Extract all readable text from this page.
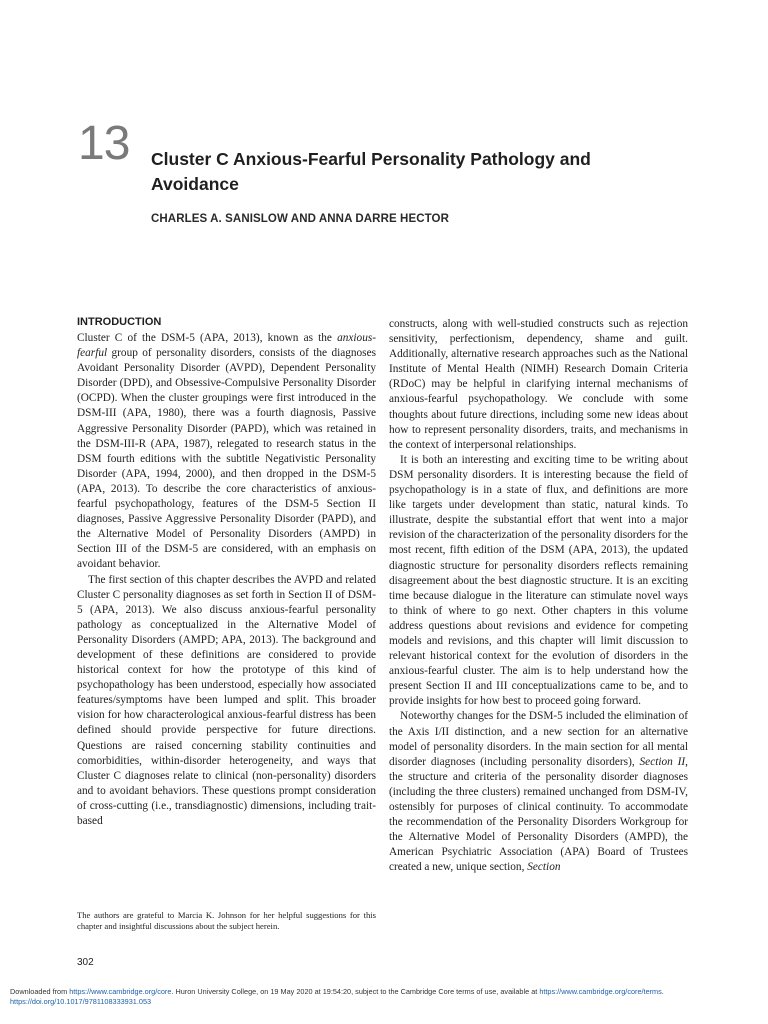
13 Cluster C Anxious-Fearful Personality Pathology and Avoidance
CHARLES A. SANISLOW AND ANNA DARRE HECTOR
INTRODUCTION

Cluster C of the DSM-5 (APA, 2013), known as the anxious-fearful group of personality disorders, consists of the diagnoses Avoidant Personality Disorder (AVPD), Dependent Personality Disorder (DPD), and Obsessive-Compulsive Personality Disorder (OCPD). When the cluster groupings were first introduced in the DSM-III (APA, 1980), there was a fourth diagnosis, Passive Aggressive Personality Disorder (PAPD), which was retained in the DSM-III-R (APA, 1987), relegated to research status in the DSM fourth editions with the subtitle Negativistic Personality Disorder (APA, 1994, 2000), and then dropped in the DSM-5 (APA, 2013). To describe the core characteristics of anxious-fearful psychopathology, features of the DSM-5 Section II diagnoses, Passive Aggressive Personality Disorder (PAPD), and the Alternative Model of Personality Disorders (AMPD) in Section III of the DSM-5 are considered, with an emphasis on avoidant behavior.

The first section of this chapter describes the AVPD and related Cluster C personality diagnoses as set forth in Section II of DSM-5 (APA, 2013). We also discuss anxious-fearful personality pathology as conceptualized in the Alternative Model of Personality Disorders (AMPD; APA, 2013). The background and development of these definitions are considered to provide historical context for how the prototype of this kind of psychopathology has been understood, especially how associated features/symptoms have been lumped and split. This broader vision for how characterological anxious-fearful distress has been defined should provide perspective for future directions. Questions are raised concerning stability continuities and comorbidities, within-disorder heterogeneity, and ways that Cluster C diagnoses relate to clinical (non-personality) disorders and to avoidant behaviors. These questions prompt consideration of cross-cutting (i.e., transdiagnostic) dimensions, including trait-based

constructs, along with well-studied constructs such as rejection sensitivity, perfectionism, dependency, shame and guilt. Additionally, alternative research approaches such as the National Institute of Mental Health (NIMH) Research Domain Criteria (RDoC) may be helpful in clarifying internal mechanisms of anxious-fearful psychopathology. We conclude with some thoughts about future directions, including some new ideas about how to represent personality disorders, traits, and mechanisms in the context of interpersonal relationships.

It is both an interesting and exciting time to be writing about DSM personality disorders. It is interesting because the field of psychopathology is in a state of flux, and definitions are more like targets under development than static, natural kinds. To illustrate, despite the substantial effort that went into a major revision of the characterization of the personality disorders for the most recent, fifth edition of the DSM (APA, 2013), the updated diagnostic structure for personality disorders reflects remaining disagreement about the best diagnostic structure. It is an exciting time because dialogue in the literature can stimulate novel ways to think of where to go next. Other chapters in this volume address questions about revisions and evidence for competing models and revisions, and this chapter will limit discussion to relevant historical context for the evolution of disorders in the anxious-fearful cluster. The aim is to help understand how the present Section II and III conceptualizations came to be, and to provide insights for how best to proceed going forward.

Noteworthy changes for the DSM-5 included the elimination of the Axis I/II distinction, and a new section for an alternative model of personality disorders. In the main section for all mental disorder diagnoses (including personality disorders), Section II, the structure and criteria of the personality disorder diagnoses (including the three clusters) remained unchanged from DSM-IV, ostensibly for purposes of clinical continuity. To accommodate the recommendation of the Personality Disorders Workgroup for the Alternative Model of Personality Disorders (AMPD), the American Psychiatric Association (APA) Board of Trustees created a new, unique section, Section

The authors are grateful to Marcia K. Johnson for her helpful suggestions for this chapter and insightful discussions about the subject herein.
302
Downloaded from https://www.cambridge.org/core. Huron University College, on 19 May 2020 at 19:54:20, subject to the Cambridge Core terms of use, available at https://www.cambridge.org/core/terms.
https://doi.org/10.1017/9781108333931.053
